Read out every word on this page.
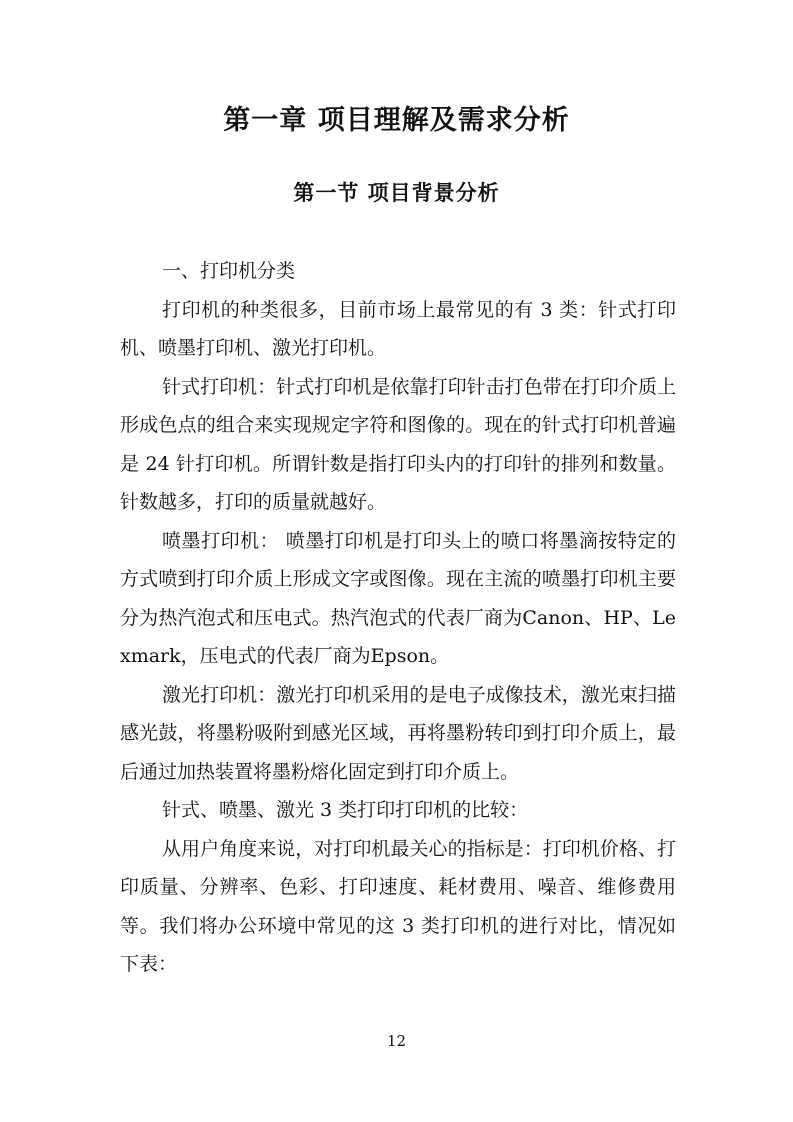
第一章 项目理解及需求分析
第一节 项目背景分析

一、打印机分类

打印机的种类很多，目前市场上最常见的有 3 类：针式打印机、喷墨打印机、激光打印机。

针式打印机：针式打印机是依靠打印针击打色带在打印介质上形成色点的组合来实现规定字符和图像的。现在的针式打印机普遍是 24 针打印机。所谓针数是指打印头内的打印针的排列和数量。针数越多，打印的质量就越好。

喷墨打印机： 喷墨打印机是打印头上的喷口将墨滴按特定的方式喷到打印介质上形成文字或图像。现在主流的喷墨打印机主要分为热汽泡式和压电式。热汽泡式的代表厂商为Canon、HP、Lexmark，压电式的代表厂商为Epson。

激光打印机：激光打印机采用的是电子成像技术，激光束扫描感光鼓，将墨粉吸附到感光区域，再将墨粉转印到打印介质上，最后通过加热装置将墨粉熔化固定到打印介质上。

针式、喷墨、激光 3 类打印打印机的比较：

从用户角度来说，对打印机最关心的指标是：打印机价格、打印质量、分辨率、色彩、打印速度、耗材费用、噪音、维修费用等。我们将办公环境中常见的这 3 类打印机的进行对比，情况如下表：

12
